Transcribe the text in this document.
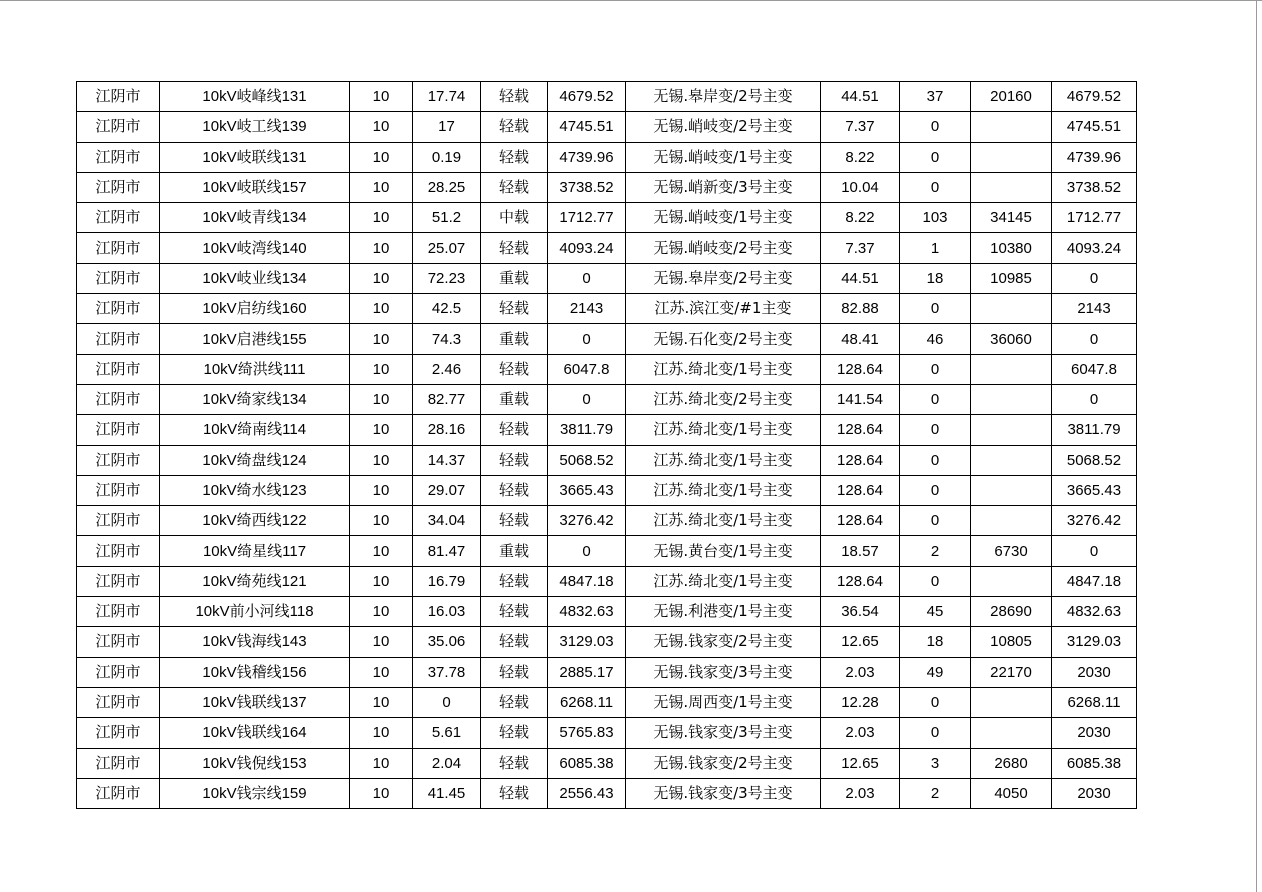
江阴市	10kV岐峰线131	10	17.74	轻载	4679.52	无锡.皋岸变/2号主变	44.51	37	20160	4679.52
江阴市	10kV岐工线139	10	17	轻载	4745.51	无锡.峭岐变/2号主变	7.37	0		4745.51
江阴市	10kV岐联线131	10	0.19	轻载	4739.96	无锡.峭岐变/1号主变	8.22	0		4739.96
江阴市	10kV岐联线157	10	28.25	轻载	3738.52	无锡.峭新变/3号主变	10.04	0		3738.52
江阴市	10kV岐青线134	10	51.2	中载	1712.77	无锡.峭岐变/1号主变	8.22	103	34145	1712.77
江阴市	10kV岐湾线140	10	25.07	轻载	4093.24	无锡.峭岐变/2号主变	7.37	1	10380	4093.24
江阴市	10kV岐业线134	10	72.23	重载	0	无锡.皋岸变/2号主变	44.51	18	10985	0
江阴市	10kV启纺线160	10	42.5	轻载	2143	江苏.滨江变/#1主变	82.88	0		2143
江阴市	10kV启港线155	10	74.3	重载	0	无锡.石化变/2号主变	48.41	46	36060	0
江阴市	10kV绮洪线111	10	2.46	轻载	6047.8	江苏.绮北变/1号主变	128.64	0		6047.8
江阴市	10kV绮家线134	10	82.77	重载	0	江苏.绮北变/2号主变	141.54	0		0
江阴市	10kV绮南线114	10	28.16	轻载	3811.79	江苏.绮北变/1号主变	128.64	0		3811.79
江阴市	10kV绮盘线124	10	14.37	轻载	5068.52	江苏.绮北变/1号主变	128.64	0		5068.52
江阴市	10kV绮水线123	10	29.07	轻载	3665.43	江苏.绮北变/1号主变	128.64	0		3665.43
江阴市	10kV绮西线122	10	34.04	轻载	3276.42	江苏.绮北变/1号主变	128.64	0		3276.42
江阴市	10kV绮星线117	10	81.47	重载	0	无锡.黄台变/1号主变	18.57	2	6730	0
江阴市	10kV绮苑线121	10	16.79	轻载	4847.18	江苏.绮北变/1号主变	128.64	0		4847.18
江阴市	10kV前小河线118	10	16.03	轻载	4832.63	无锡.利港变/1号主变	36.54	45	28690	4832.63
江阴市	10kV钱海线143	10	35.06	轻载	3129.03	无锡.钱家变/2号主变	12.65	18	10805	3129.03
江阴市	10kV钱稽线156	10	37.78	轻载	2885.17	无锡.钱家变/3号主变	2.03	49	22170	2030
江阴市	10kV钱联线137	10	0	轻载	6268.11	无锡.周西变/1号主变	12.28	0		6268.11
江阴市	10kV钱联线164	10	5.61	轻载	5765.83	无锡.钱家变/3号主变	2.03	0		2030
江阴市	10kV钱倪线153	10	2.04	轻载	6085.38	无锡.钱家变/2号主变	12.65	3	2680	6085.38
江阴市	10kV钱宗线159	10	41.45	轻载	2556.43	无锡.钱家变/3号主变	2.03	2	4050	2030
